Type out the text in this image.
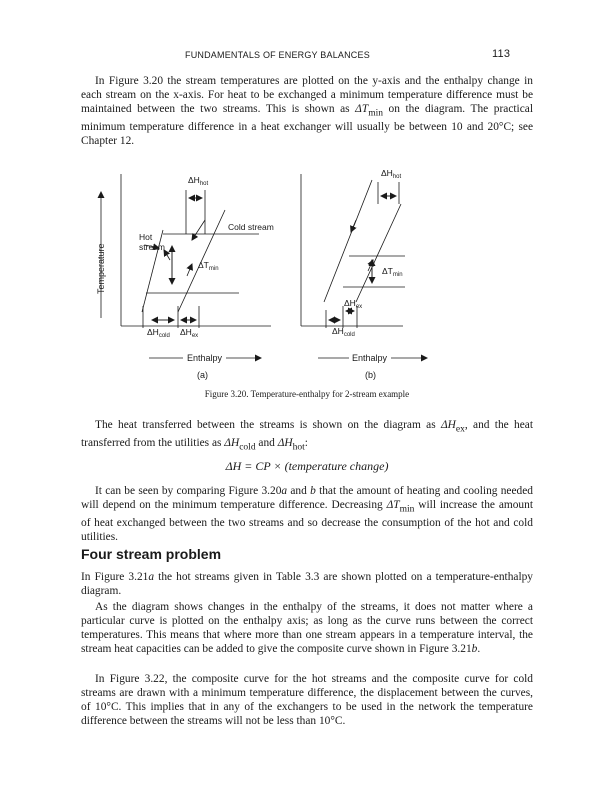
FUNDAMENTALS OF ENERGY BALANCES	113

In Figure 3.20 the stream temperatures are plotted on the y-axis and the enthalpy change in each stream on the x-axis. For heat to be exchanged a minimum temperature difference must be maintained between the two streams. This is shown as $\Delta T_{min}$ on the diagram. The practical minimum temperature difference in a heat exchanger will usually be between 10 and 20°C; see Chapter 12.

Temperature
$\Delta H_{hot}$
Cold stream
Hot
stream
$\Delta T_{min}$
$\Delta H_{cold}$ $\Delta H_{ex}$
$\Delta H_{hot}$
$\Delta T_{min}$
$\Delta H_{ex}$
$\Delta H_{cold}$
Enthalpy	Enthalpy
(a)	(b)
Figure 3.20. Temperature-enthalpy for 2-stream example

The heat transferred between the streams is shown on the diagram as $\Delta H_{ex}$, and the heat transferred from the utilities as $\Delta H_{cold}$ and $\Delta H_{hot}$:

ΔH = CP × (temperature change)

It can be seen by comparing Figure 3.20a and b that the amount of heating and cooling needed will depend on the minimum temperature difference. Decreasing $\Delta T_{min}$ will increase the amount of heat exchanged between the two streams and so decrease the consumption of the hot and cold utilities.

Four stream problem

In Figure 3.21a the hot streams given in Table 3.3 are shown plotted on a temperature-enthalpy diagram.

As the diagram shows changes in the enthalpy of the streams, it does not matter where a particular curve is plotted on the enthalpy axis; as long as the curve runs between the correct temperatures. This means that where more than one stream appears in a temperature interval, the stream heat capacities can be added to give the composite curve shown in Figure 3.21b.

In Figure 3.22, the composite curve for the hot streams and the composite curve for cold streams are drawn with a minimum temperature difference, the displacement between the curves, of 10°C. This implies that in any of the exchangers to be used in the network the temperature difference between the streams will not be less than 10°C.
